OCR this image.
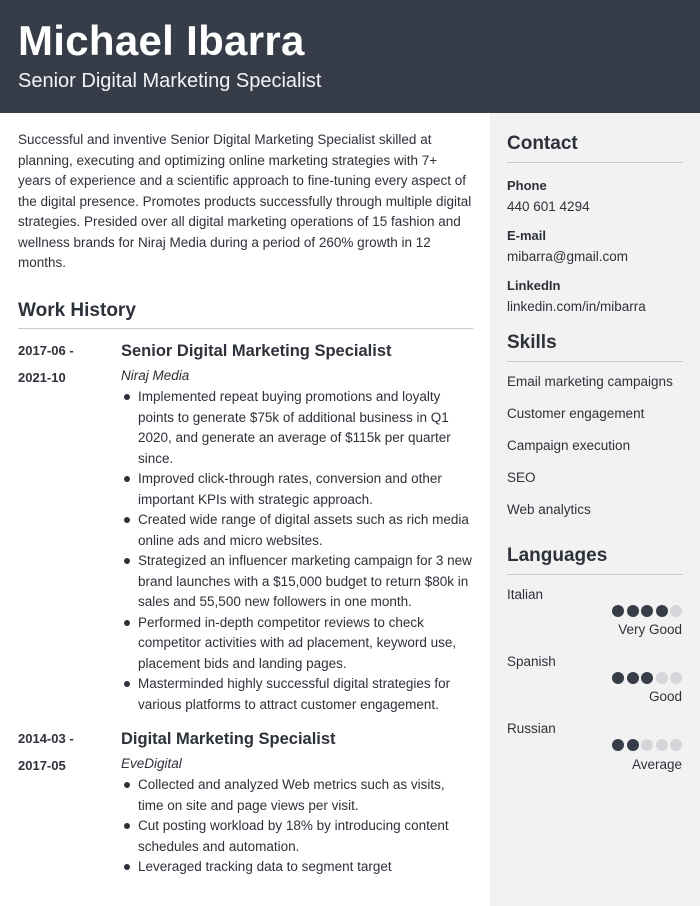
Michael Ibarra
Senior Digital Marketing Specialist

Successful and inventive Senior Digital Marketing Specialist skilled at planning, executing and optimizing online marketing strategies with 7+ years of experience and a scientific approach to fine-tuning every aspect of the digital presence. Promotes products successfully through multiple digital strategies. Presided over all digital marketing operations of 15 fashion and wellness brands for Niraj Media during a period of 260% growth in 12 months.

Work History
2017-06 -
2021-10
Senior Digital Marketing Specialist
Niraj Media
Implemented repeat buying promotions and loyalty points to generate $75k of additional business in Q1 2020, and generate an average of $115k per quarter since.
Improved click-through rates, conversion and other important KPIs with strategic approach.
Created wide range of digital assets such as rich media online ads and micro websites.
Strategized an influencer marketing campaign for 3 new brand launches with a $15,000 budget to return $80k in sales and 55,500 new followers in one month.
Performed in-depth competitor reviews to check competitor activities with ad placement, keyword use, placement bids and landing pages.
Masterminded highly successful digital strategies for various platforms to attract customer engagement.
2014-03 -
2017-05
Digital Marketing Specialist
EveDigital
Collected and analyzed Web metrics such as visits, time on site and page views per visit.
Cut posting workload by 18% by introducing content schedules and automation.
Leveraged tracking data to segment target
Contact
Phone
440 601 4294
E-mail
mibarra@gmail.com
LinkedIn
linkedin.com/in/mibarra
Skills
Email marketing campaigns
Customer engagement
Campaign execution
SEO
Web analytics
Languages
Italian
Very Good
Spanish
Good
Russian
Average
